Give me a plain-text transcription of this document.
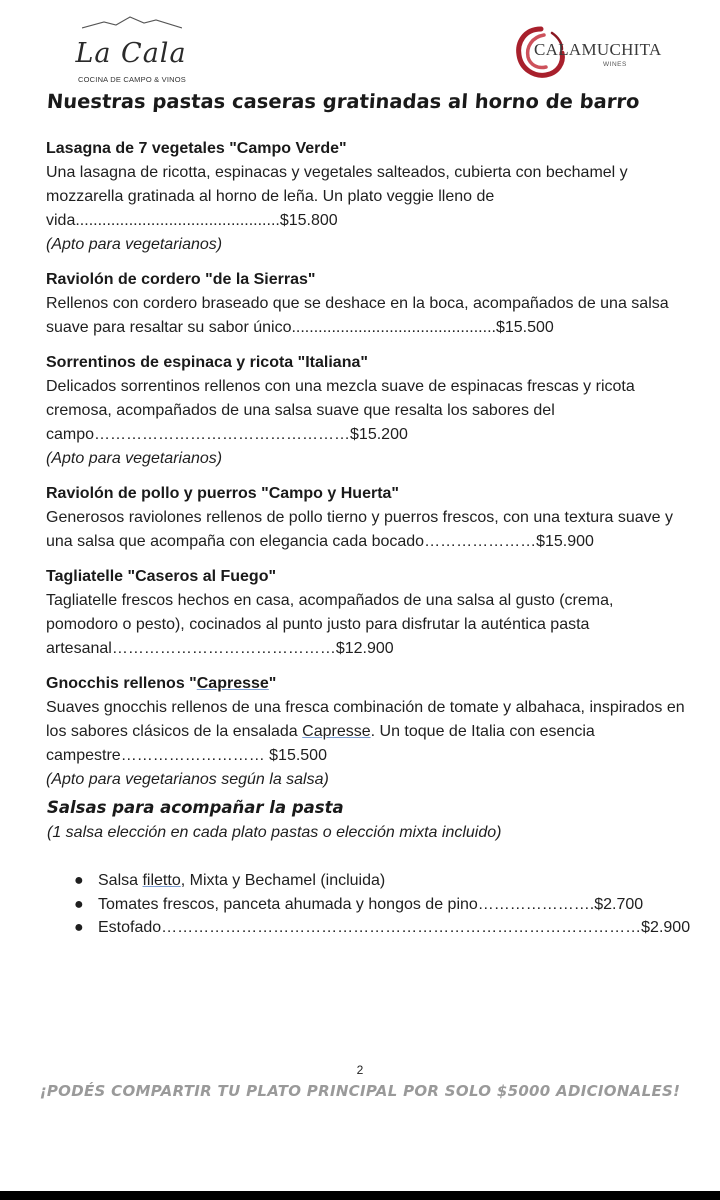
La Cala
COCINA DE CAMPO & VINOS
CALAMUCHITA
WINES
Nuestras pastas caseras gratinadas al horno de barro
Lasagna de 7 vegetales "Campo Verde"
Una lasagna de ricotta, espinacas y vegetales salteados, cubierta con bechamel y mozzarella gratinada al horno de leña. Un plato veggie lleno de vida..............................................$15.800
(Apto para vegetarianos)
Raviolón de cordero "de la Sierras"
Rellenos con cordero braseado que se deshace en la boca, acompañados de una salsa suave para resaltar su sabor único..............................................$15.500
Sorrentinos de espinaca y ricota "Italiana"
Delicados sorrentinos rellenos con una mezcla suave de espinacas frescas y ricota cremosa, acompañados de una salsa suave que resalta los sabores del campo…………………………………………$15.200
(Apto para vegetarianos)
Raviolón de pollo y puerros "Campo y Huerta"
Generosos raviolones rellenos de pollo tierno y puerros frescos, con una textura suave y una salsa que acompaña con elegancia cada bocado…………………$15.900
Tagliatelle "Caseros al Fuego"
Tagliatelle frescos hechos en casa, acompañados de una salsa al gusto (crema, pomodoro o pesto), cocinados al punto justo para disfrutar la auténtica pasta artesanal……………………………………$12.900
Gnocchis rellenos "Capresse"
Suaves gnocchis rellenos de una fresca combinación de tomate y albahaca, inspirados en los sabores clásicos de la ensalada Capresse. Un toque de Italia con esencia campestre……………………… $15.500
(Apto para vegetarianos según la salsa)
Salsas para acompañar la pasta
(1 salsa elección en cada plato pastas o elección mixta incluido)
● Salsa filetto, Mixta y Bechamel (incluida)
● Tomates frescos, panceta ahumada y hongos de pino………………….$2.700
● Estofado………………………………………………………………………………$2.900
2
¡PODÉS COMPARTIR TU PLATO PRINCIPAL POR SOLO $5000 ADICIONALES!
